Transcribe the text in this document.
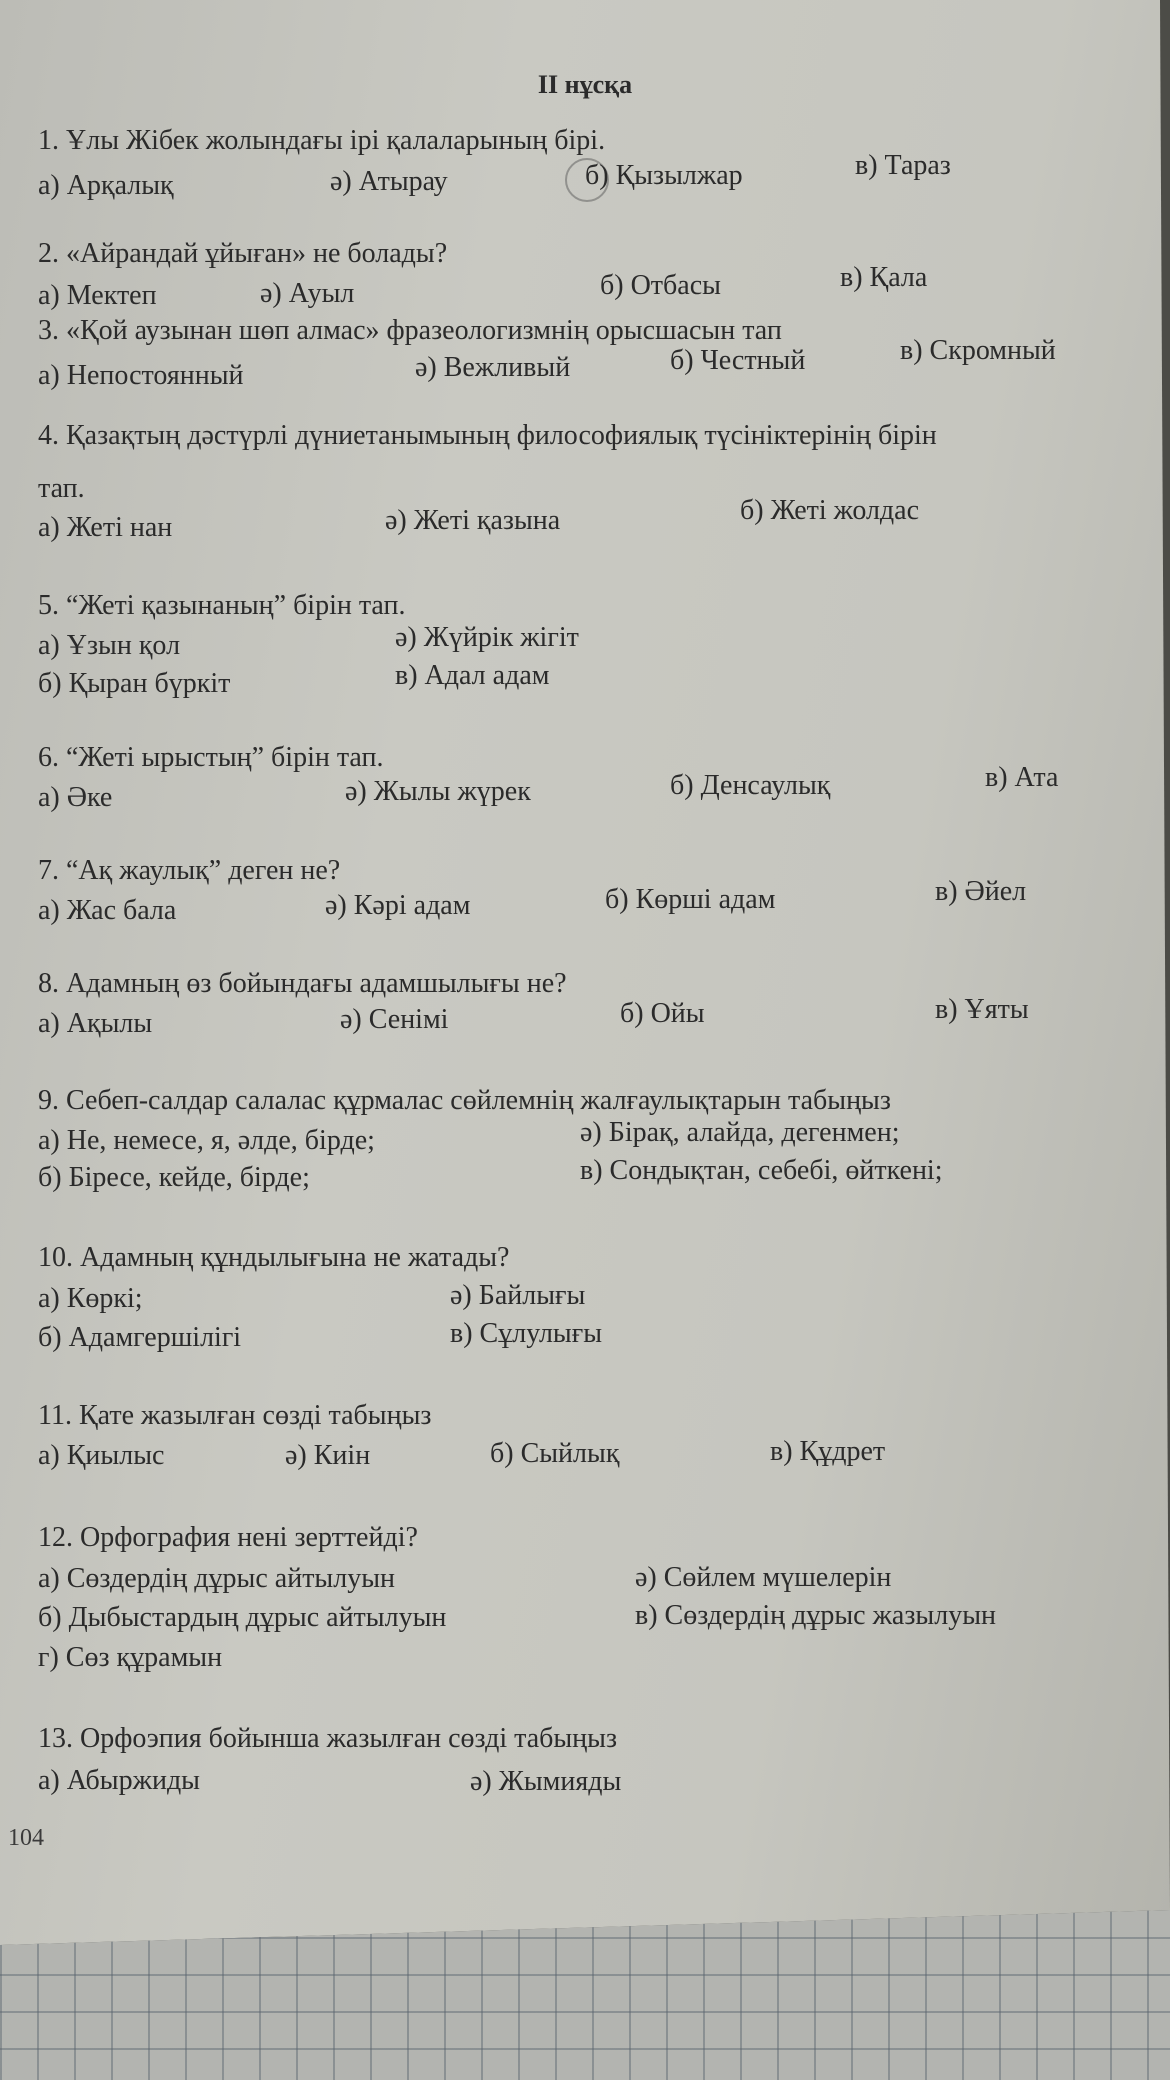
II нұсқа
1. Ұлы Жібек жолындағы ірі қалаларының бірі.
а) Арқалық	ә) Атырау	б) Қызылжар	в) Тараз
2. «Айрандай ұйыған» не болады?
а) Мектеп	ә) Ауыл	б) Отбасы	в) Қала
3. «Қой аузынан шөп алмас» фразеологизмнің орысшасын тап
а) Непостоянный	ә) Вежливый	б) Честный	в) Скромный
4. Қазақтың дәстүрлі дүниетанымының философиялық түсініктерінің бірін
тап.
а) Жеті нан	ә) Жеті қазына	б) Жеті жолдас
5. “Жеті қазынаның” бірін тап.
а) Ұзын қол	ә) Жүйрік жігіт
б) Қыран бүркіт	в) Адал адам
6. “Жеті ырыстың” бірін тап.
а) Әке	ә) Жылы жүрек	б) Денсаулық	в) Ата
7. “Ақ жаулық” деген не?
а) Жас бала	ә) Кәрі адам	б) Көрші адам	в) Әйел
8. Адамның өз бойындағы адамшылығы не?
а) Ақылы	ә) Сенімі	б) Ойы	в) Ұяты
9. Себеп-салдар салалас құрмалас сөйлемнің жалғаулықтарын табыңыз
а) Не, немесе, я, әлде, бірде;	ә) Бірақ, алайда, дегенмен;
б) Біресе, кейде, бірде;	в) Сондықтан, себебі, өйткені;
10. Адамның құндылығына не жатады?
а) Көркі;	ә) Байлығы
б) Адамгершілігі	в) Сұлулығы
11. Қате жазылған сөзді табыңыз
а) Қиылыс	ә) Киін	б) Сыйлық	в) Құдрет
12. Орфография нені зерттейді?
а) Сөздердің дұрыс айтылуын	ә) Сөйлем мүшелерін
б) Дыбыстардың дұрыс айтылуын	в) Сөздердің дұрыс жазылуын
г) Сөз құрамын
13. Орфоэпия бойынша жазылған сөзді табыңыз
а) Абыржиды	ә) Жымияды
104
